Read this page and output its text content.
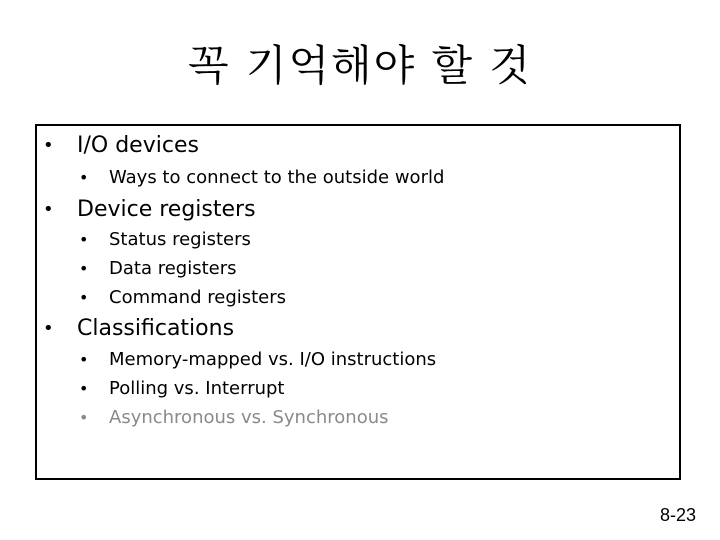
꼭 기억해야 할 것
• I/O devices
• Ways to connect to the outside world
• Device registers
• Status registers
• Data registers
• Command registers
• Classifications
• Memory-mapped vs. I/O instructions
• Polling vs. Interrupt
• Asynchronous vs. Synchronous
8-23
